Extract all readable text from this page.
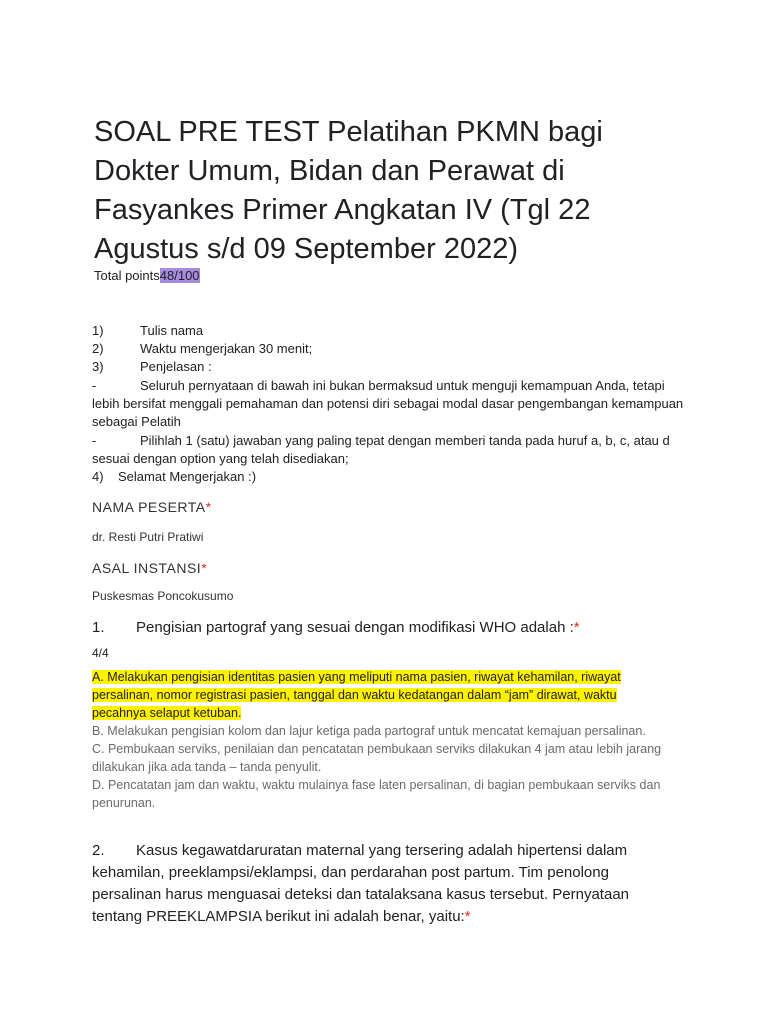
SOAL PRE TEST Pelatihan PKMN bagi Dokter Umum, Bidan dan Perawat di Fasyankes Primer Angkatan IV (Tgl 22 Agustus s/d 09 September 2022)
Total points48/100
1)	Tulis nama
2)	Waktu mengerjakan 30 menit;
3)	Penjelasan :
-	Seluruh pernyataan di bawah ini bukan bermaksud untuk menguji kemampuan Anda, tetapi lebih bersifat menggali pemahaman dan potensi diri sebagai modal dasar pengembangan kemampuan sebagai Pelatih
-	Pilihlah 1 (satu) jawaban yang paling tepat dengan memberi tanda pada huruf a, b, c, atau d sesuai dengan option yang telah disediakan;
4) Selamat Mengerjakan :)
NAMA PESERTA*
dr. Resti Putri Pratiwi
ASAL INSTANSI*
Puskesmas Poncokusumo
1. Pengisian partograf yang sesuai dengan modifikasi WHO adalah :*
4/4
A. Melakukan pengisian identitas pasien yang meliputi nama pasien, riwayat kehamilan, riwayat persalinan, nomor registrasi pasien, tanggal dan waktu kedatangan dalam “jam” dirawat, waktu pecahnya selaput ketuban.
B. Melakukan pengisian kolom dan lajur ketiga pada partograf untuk mencatat kemajuan persalinan.
C. Pembukaan serviks, penilaian dan pencatatan pembukaan serviks dilakukan 4 jam atau lebih jarang dilakukan jika ada tanda – tanda penyulit.
D. Pencatatan jam dan waktu, waktu mulainya fase laten persalinan, di bagian pembukaan serviks dan penurunan.
2. Kasus kegawatdaruratan maternal yang tersering adalah hipertensi dalam kehamilan, preeklampsi/eklampsi, dan perdarahan post partum. Tim penolong persalinan harus menguasai deteksi dan tatalaksana kasus tersebut. Pernyataan tentang PREEKLAMPSIA berikut ini adalah benar, yaitu:*
